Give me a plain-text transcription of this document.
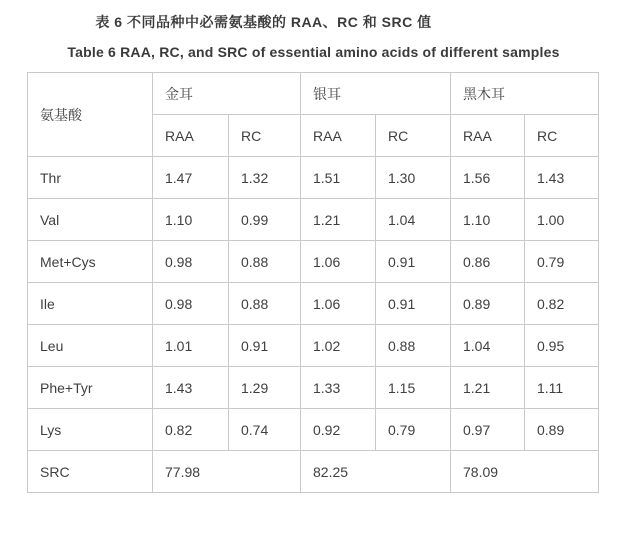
表 6 不同品种中必需氨基酸的 RAA、RC 和 SRC 值
Table 6 RAA, RC, and SRC of essential amino acids of different samples
氨基酸	金耳		银耳		黑木耳	
	RAA	RC	RAA	RC	RAA	RC
Thr	1.47	1.32	1.51	1.30	1.56	1.43
Val	1.10	0.99	1.21	1.04	1.10	1.00
Met+Cys	0.98	0.88	1.06	0.91	0.86	0.79
Ile	0.98	0.88	1.06	0.91	0.89	0.82
Leu	1.01	0.91	1.02	0.88	1.04	0.95
Phe+Tyr	1.43	1.29	1.33	1.15	1.21	1.11
Lys	0.82	0.74	0.92	0.79	0.97	0.89
SRC	77.98		82.25		78.09	
